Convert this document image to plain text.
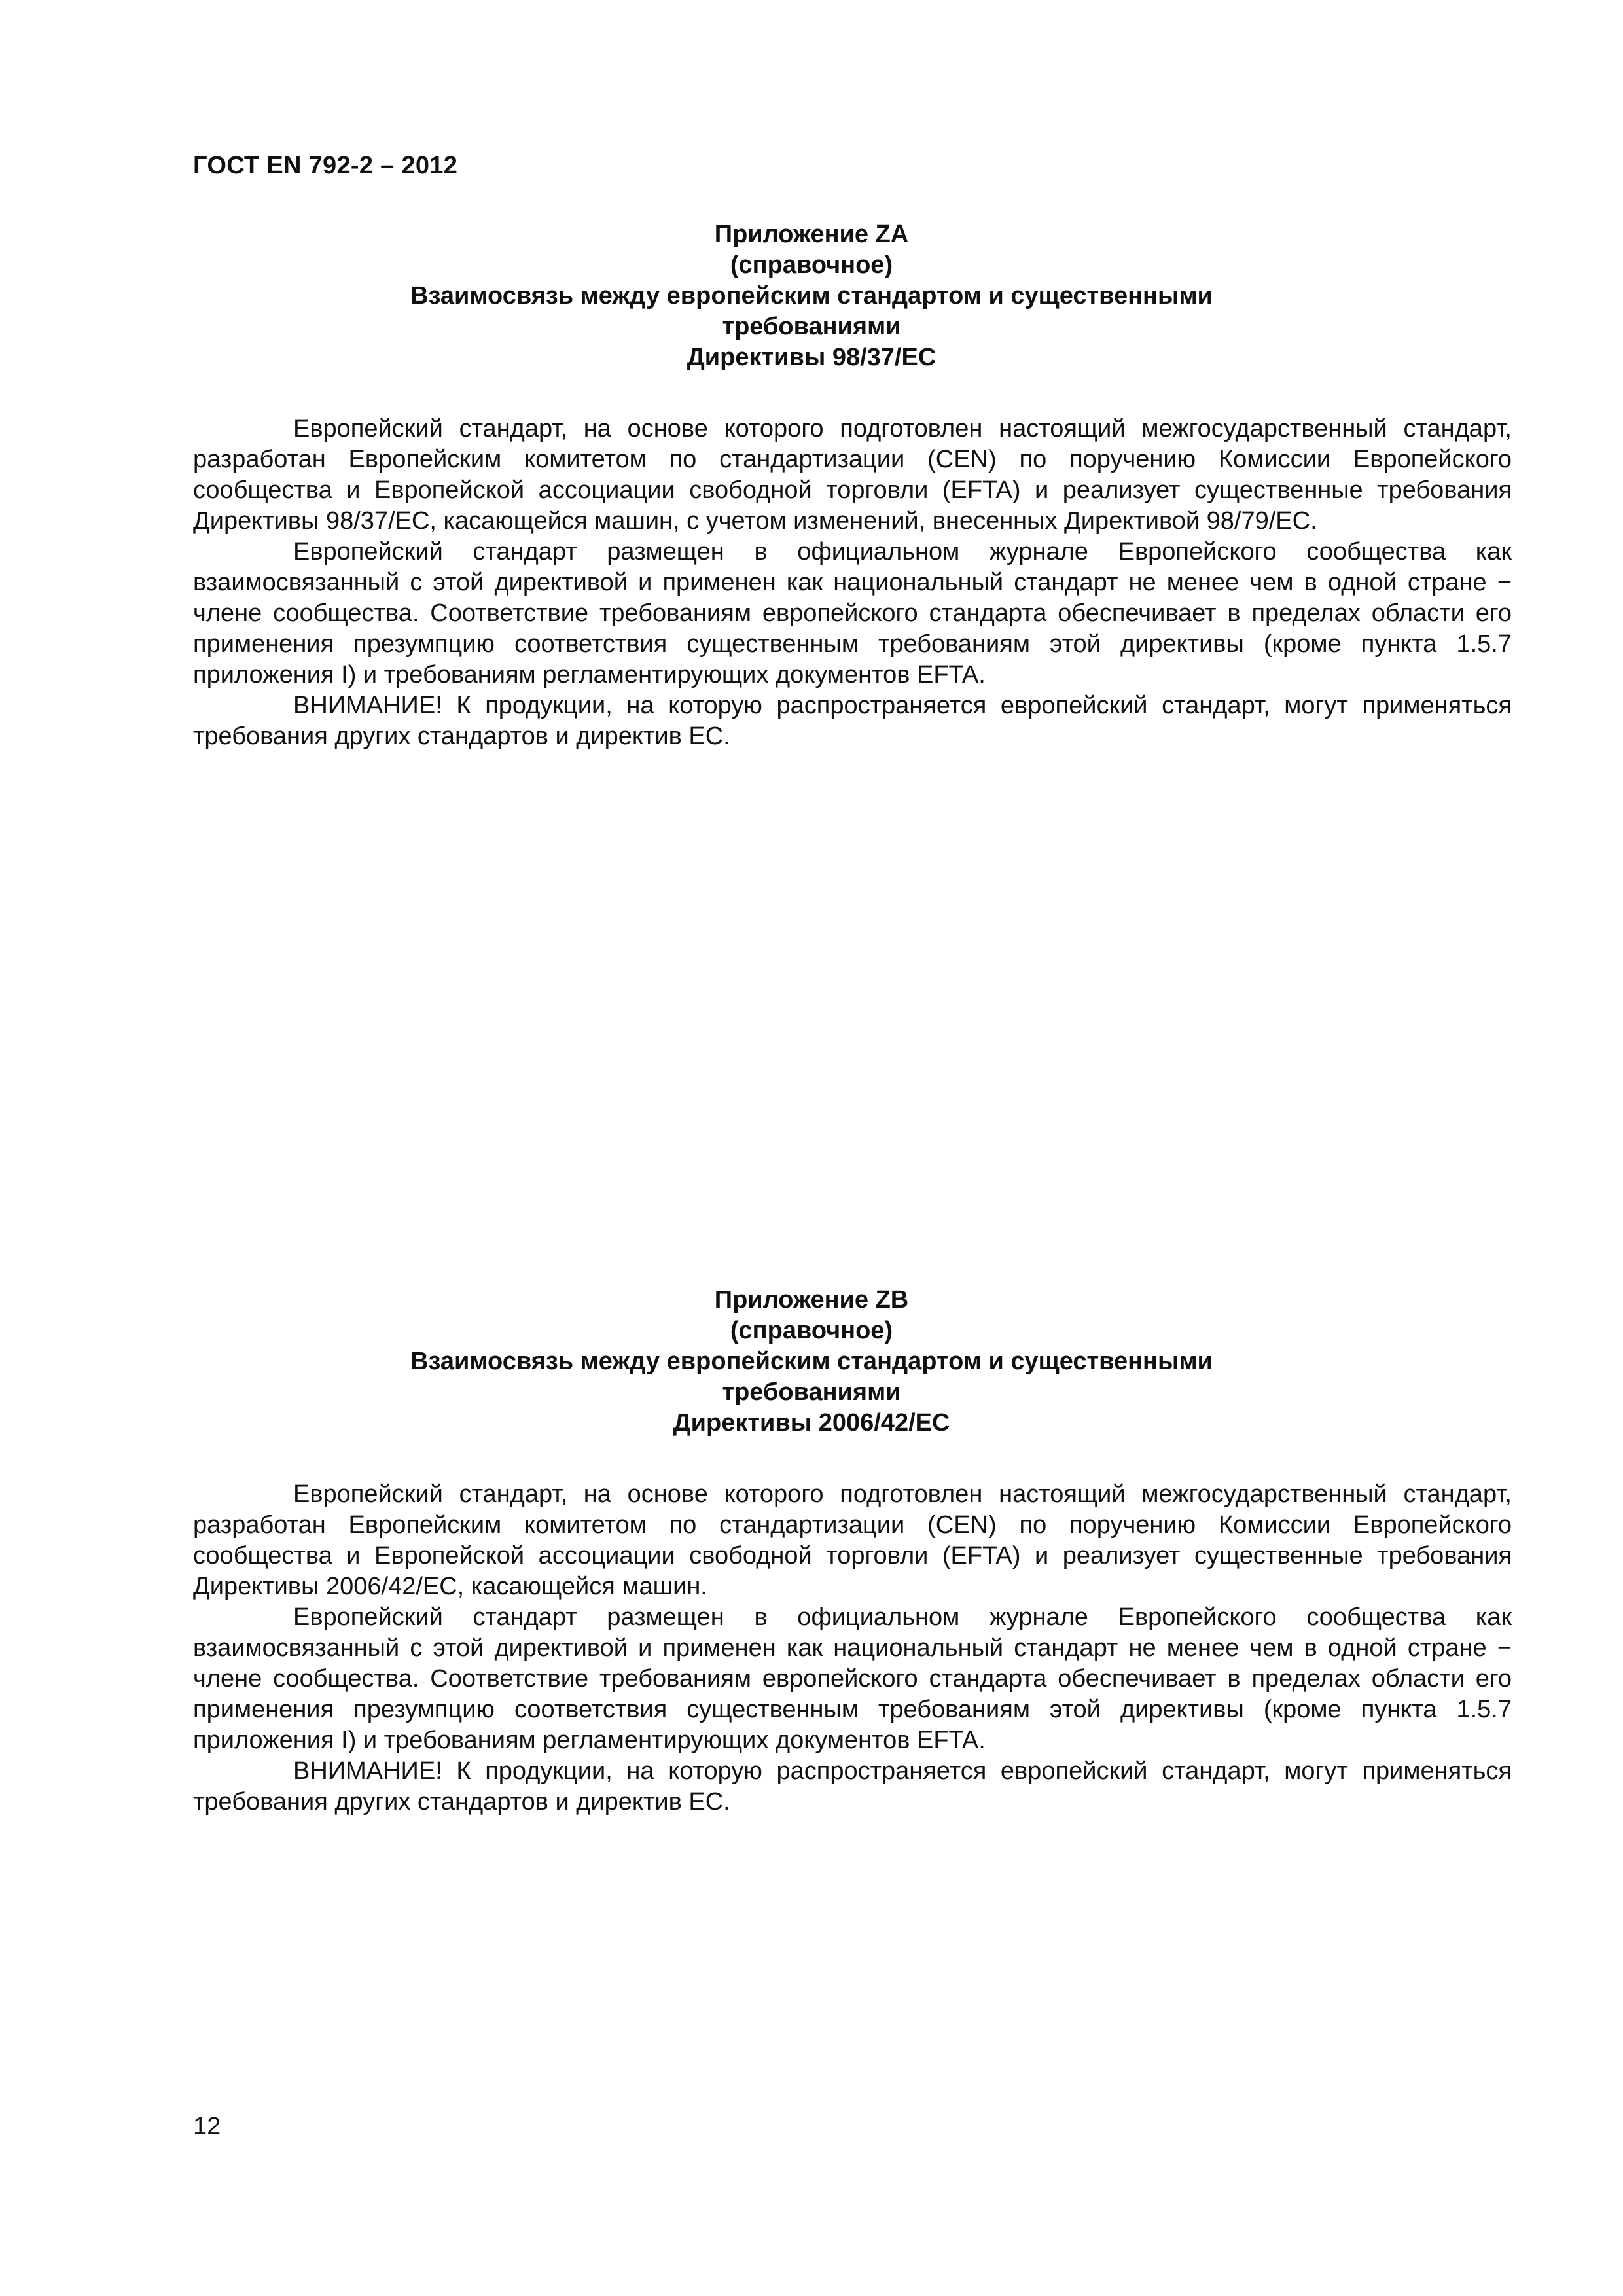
ГОСТ EN 792-2 – 2012
Приложение ZA
(справочное)
Взаимосвязь между европейским стандартом и существенными
требованиями
Директивы 98/37/ЕС

Европейский стандарт, на основе которого подготовлен настоящий межгосударственный стандарт, разработан Европейским комитетом по стандартизации (CEN) по поручению Комиссии Европейского сообщества и Европейской ассоциации свободной торговли (EFTA) и реализует существенные требования Директивы 98/37/ЕС, касающейся машин, с учетом изменений, внесенных Директивой 98/79/ЕС.

Европейский стандарт размещен в официальном журнале Европейского сообщества как взаимосвязанный с этой директивой и применен как национальный стандарт не менее чем в одной стране − члене сообщества. Соответствие требованиям европейского стандарта обеспечивает в пределах области его применения презумпцию соответствия существенным требованиям этой директивы (кроме пункта 1.5.7 приложения I) и требованиям регламентирующих документов EFTA.

ВНИМАНИЕ! К продукции, на которую распространяется европейский стандарт, могут применяться требования других стандартов и директив ЕС.

Приложение ZB
(справочное)
Взаимосвязь между европейским стандартом и существенными
требованиями
Директивы 2006/42/ЕС

Европейский стандарт, на основе которого подготовлен настоящий межгосударственный стандарт, разработан Европейским комитетом по стандартизации (CEN) по поручению Комиссии Европейского сообщества и Европейской ассоциации свободной торговли (EFTA) и реализует существенные требования Директивы 2006/42/ЕС, касающейся машин.

Европейский стандарт размещен в официальном журнале Европейского сообщества как взаимосвязанный с этой директивой и применен как национальный стандарт не менее чем в одной стране − члене сообщества. Соответствие требованиям европейского стандарта обеспечивает в пределах области его применения презумпцию соответствия существенным требованиям этой директивы (кроме пункта 1.5.7 приложения I) и требованиям регламентирующих документов EFTA.

ВНИМАНИЕ! К продукции, на которую распространяется европейский стандарт, могут применяться требования других стандартов и директив ЕС.

12
